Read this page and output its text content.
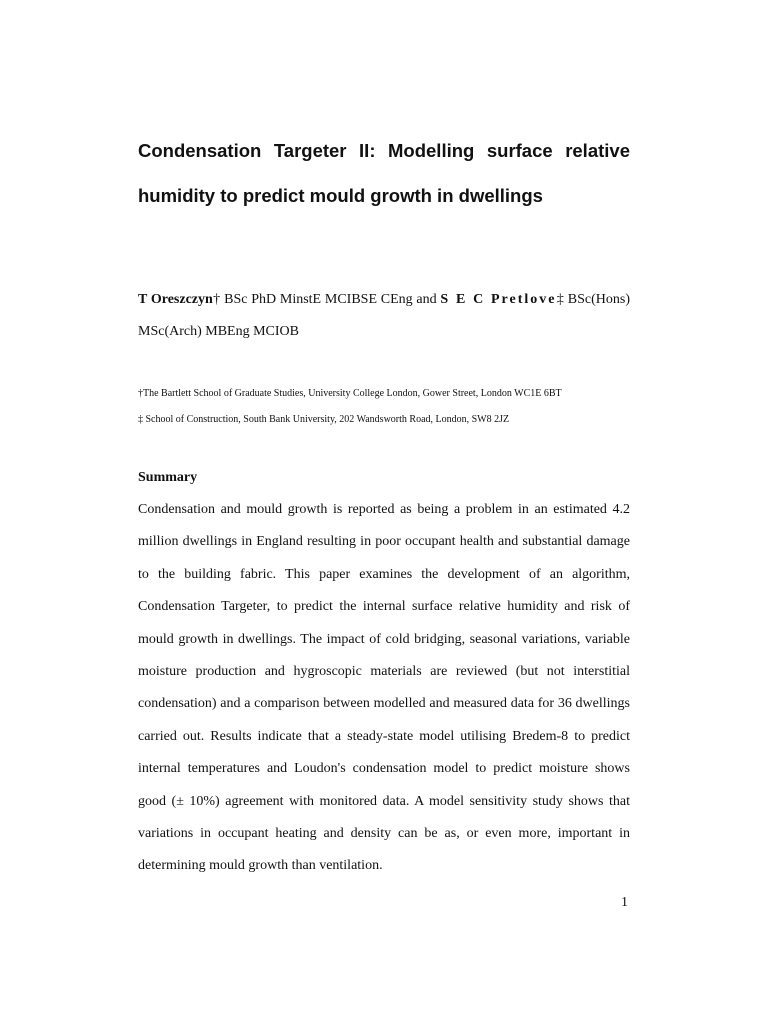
Condensation Targeter II: Modelling surface relative humidity to predict mould growth in dwellings

T Oreszczyn† BSc PhD MinstE MCIBSE CEng and S E C Pretlove‡ BSc(Hons) MSc(Arch) MBEng MCIOB

†The Bartlett School of Graduate Studies, University College London, Gower Street, London WC1E 6BT

‡ School of Construction, South Bank University, 202 Wandsworth Road, London, SW8 2JZ

Summary

Condensation and mould growth is reported as being a problem in an estimated 4.2 million dwellings in England resulting in poor occupant health and substantial damage to the building fabric. This paper examines the development of an algorithm, Condensation Targeter, to predict the internal surface relative humidity and risk of mould growth in dwellings. The impact of cold bridging, seasonal variations, variable moisture production and hygroscopic materials are reviewed (but not interstitial condensation) and a comparison between modelled and measured data for 36 dwellings carried out. Results indicate that a steady-state model utilising Bredem-8 to predict internal temperatures and Loudon's condensation model to predict moisture shows good (± 10%) agreement with monitored data. A model sensitivity study shows that variations in occupant heating and density can be as, or even more, important in determining mould growth than ventilation.

1
